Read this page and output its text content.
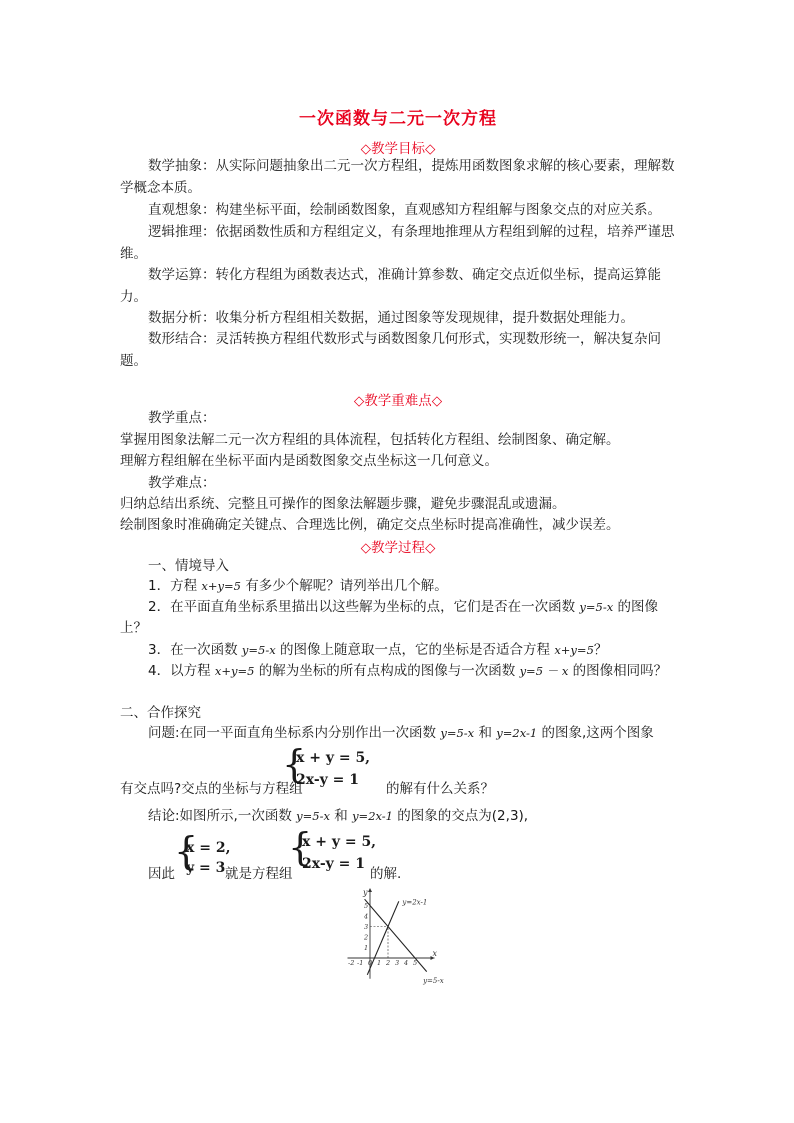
一次函数与二元一次方程
◇教学目标◇
数学抽象：从实际问题抽象出二元一次方程组，提炼用函数图象求解的核心要素，理解数学概念本质。
直观想象：构建坐标平面，绘制函数图象，直观感知方程组解与图象交点的对应关系。
逻辑推理：依据函数性质和方程组定义，有条理地推理从方程组到解的过程，培养严谨思维。
数学运算：转化方程组为函数表达式，准确计算参数、确定交点近似坐标，提高运算能力。
数据分析：收集分析方程组相关数据，通过图象等发现规律，提升数据处理能力。
数形结合：灵活转换方程组代数形式与函数图象几何形式，实现数形统一，解决复杂问题。
◇教学重难点◇
教学重点：
掌握用图象法解二元一次方程组的具体流程，包括转化方程组、绘制图象、确定解。
理解方程组解在坐标平面内是函数图象交点坐标这一几何意义。
教学难点：
归纳总结出系统、完整且可操作的图象法解题步骤，避免步骤混乱或遗漏。
绘制图象时准确确定关键点、合理选比例，确定交点坐标时提高准确性，减少误差。
◇教学过程◇
一、情境导入
1．方程 x+y=5 有多少个解呢？请列举出几个解。
2．在平面直角坐标系里描出以这些解为坐标的点，它们是否在一次函数 y=5-x 的图像
上？
3．在一次函数 y=5-x 的图像上随意取一点，它的坐标是否适合方程 x+y=5？
4．以方程 x+y=5 的解为坐标的所有点构成的图像与一次函数 y=5 － x 的图像相同吗？
二、合作探究
问题:在同一平面直角坐标系内分别作出一次函数 y=5-x 和 y=2x-1 的图象,这两个图象
有交点吗?交点的坐标与方程组
{
x + y = 5,
2x-y = 1
的解有什么关系？
结论:如图所示,一次函数 y=5-x 和 y=2x-1 的图象的交点为(2,3),
因此
{
x = 2,
y = 3 就是方程组
{
x + y = 5,
2x-y = 1
的解.
x
y
-2 -1 0 1 2 3 4 5
1
2
3
4
5	y=2x-1
y=5-x
